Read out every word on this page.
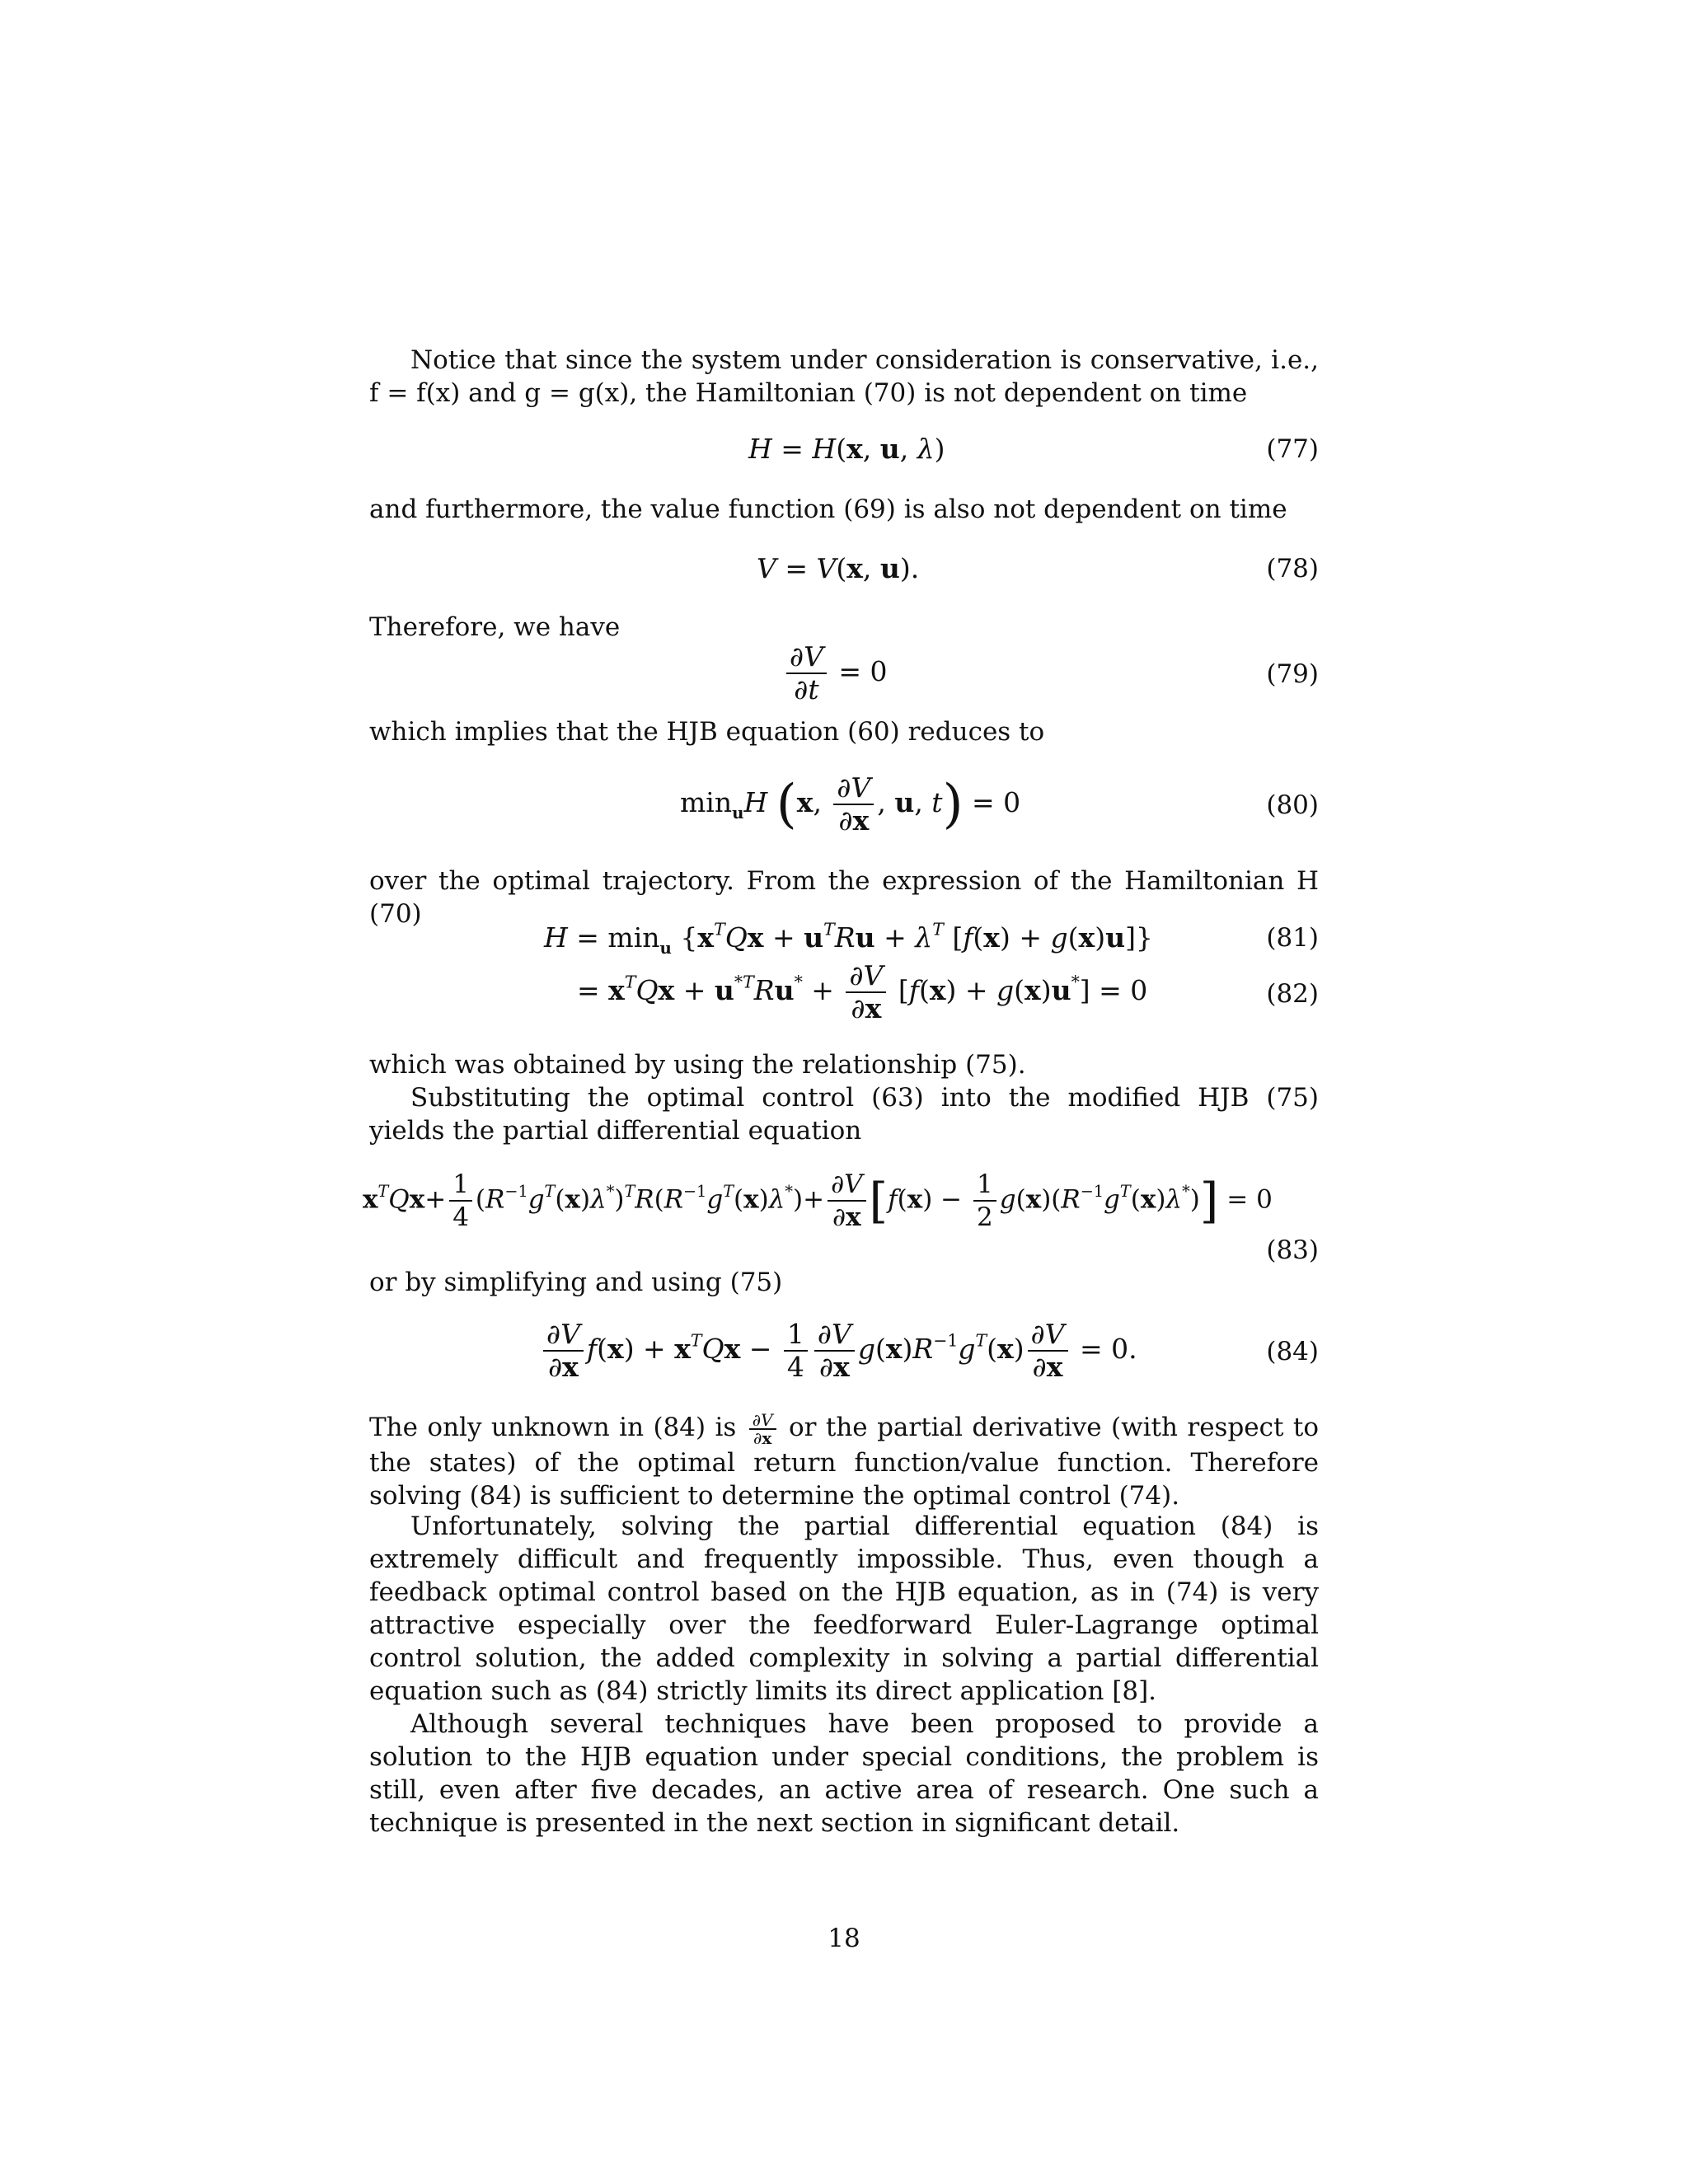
Notice that since the system under consideration is conservative, i.e., f = f(x) and g = g(x), the Hamiltonian (70) is not dependent on time
H = H(x, u, λ)	(77)
and furthermore, the value function (69) is also not dependent on time
V = V(x, u).	(78)
Therefore, we have
$\frac{\partial V}{\partial t} = 0$	(79)
which implies that the HJB equation (60) reduces to
$\min_uH$ (x, $\frac{\partial V}{\partial x}$ , u, t) = 0	(80)
over the optimal trajectory. From the expression of the Hamiltonian H (70)
$H = \min_u \{x^TQx + u^TRu + \lambda^T$ [f(x) + g(x)u]}	(81)
= $x^TQx + u^{*T}Ru^* + \frac{\partial V}{\partial x} [f(x) + g(x)u^*] = 0$	(82)
which was obtained by using the relationship (75).
Substituting the optimal control (63) into the modified HJB (75) yields the partial differential equation
$x^TQx+ \frac{1}{4} (R^{-1}g^T(x)\lambda^*)^TR(R^{-1}g^T(x)\lambda^*)+ \frac{\partial V}{\partial x} [f(x) - \frac{1}{2} g(x)(R^{-1}g^T(x)\lambda^*)] = 0$
(83)
or by simplifying and using (75)
$\frac{\partial V}{\partial x} f(x) + x^TQx - \frac{1}{4} \frac{\partial V}{\partial x} g(x)R^{-1}g^T(x) \frac{\partial V}{\partial x} = 0$.	(84)
The only unknown in (84) is $\frac{\partial V}{\partial x}$ or the partial derivative (with respect to the states) of the optimal return function/value function. Therefore solving (84) is sufficient to determine the optimal control (74).
Unfortunately, solving the partial differential equation (84) is extremely difficult and frequently impossible. Thus, even though a feedback optimal control based on the HJB equation, as in (74) is very attractive especially over the feedforward Euler-Lagrange optimal control solution, the added complexity in solving a partial differential equation such as (84) strictly limits its direct application [8].
Although several techniques have been proposed to provide a solution to the HJB equation under special conditions, the problem is still, even after five decades, an active area of research. One such a technique is presented in the next section in significant detail.
18
